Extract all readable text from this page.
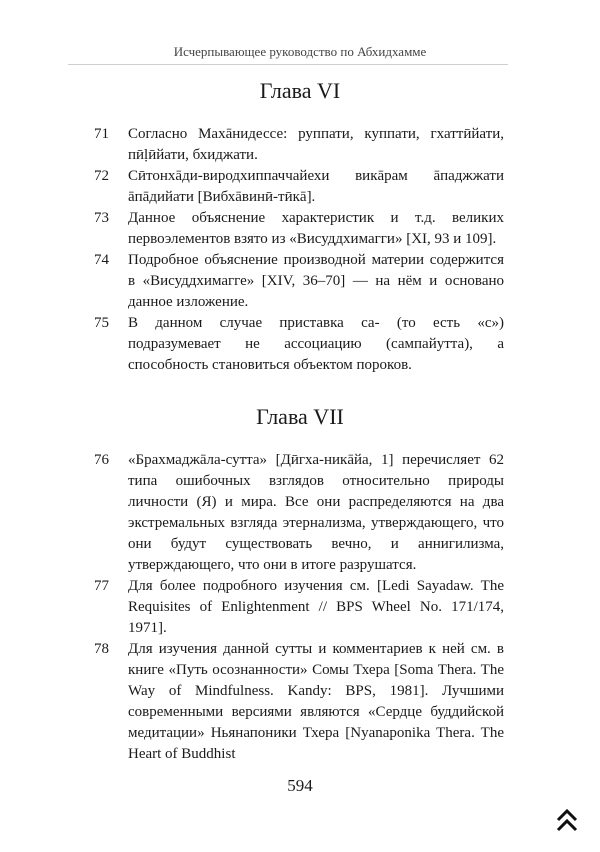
Исчерпывающее руководство по Абхидхамме
Глава VI
71	Согласно Махāнидессе: руппати, куппати, гхаттӣйати, пӣḷӣйати, бхиджати.
72	Сӣтонхāди-виродхиппаччайехи викāрам āпаджжати āпāдийати [Вибхāвинӣ-тӣкā].
73	Данное объяснение характеристик и т.д. великих первоэлементов взято из «Висуддхимагги» [XI, 93 и 109].
74	Подробное объяснение производной материи содержится в «Висуддхимагге» [XIV, 36–70] — на нём и основано данное изложение.
75	В данном случае приставка са- (то есть «с») подразумевает не ассоциацию (сампайутта), а способность становиться объектом пороков.
Глава VII
76	«Брахмаджāла-сутта» [Дӣгха-никāйа, 1] перечисляет 62 типа ошибочных взглядов относительно природы личности (Я) и мира. Все они распределяются на два экстремальных взгляда этернализма, утверждающего, что они будут существовать вечно, и аннигилизма, утверждающего, что они в итоге разрушатся.
77	Для более подробного изучения см. [Ledi Sayadaw. The Requisites of Enlightenment // BPS Wheel No. 171/174, 1971].
78	Для изучения данной сутты и комментариев к ней см. в книге «Путь осознанности» Сомы Тхера [Soma Thera. The Way of Mindfulness. Kandy: BPS, 1981]. Лучшими современными версиями являются «Сердце буддийской медитации» Ньянапоники Тхера [Nyanaponika Thera. The Heart of Buddhist
594
